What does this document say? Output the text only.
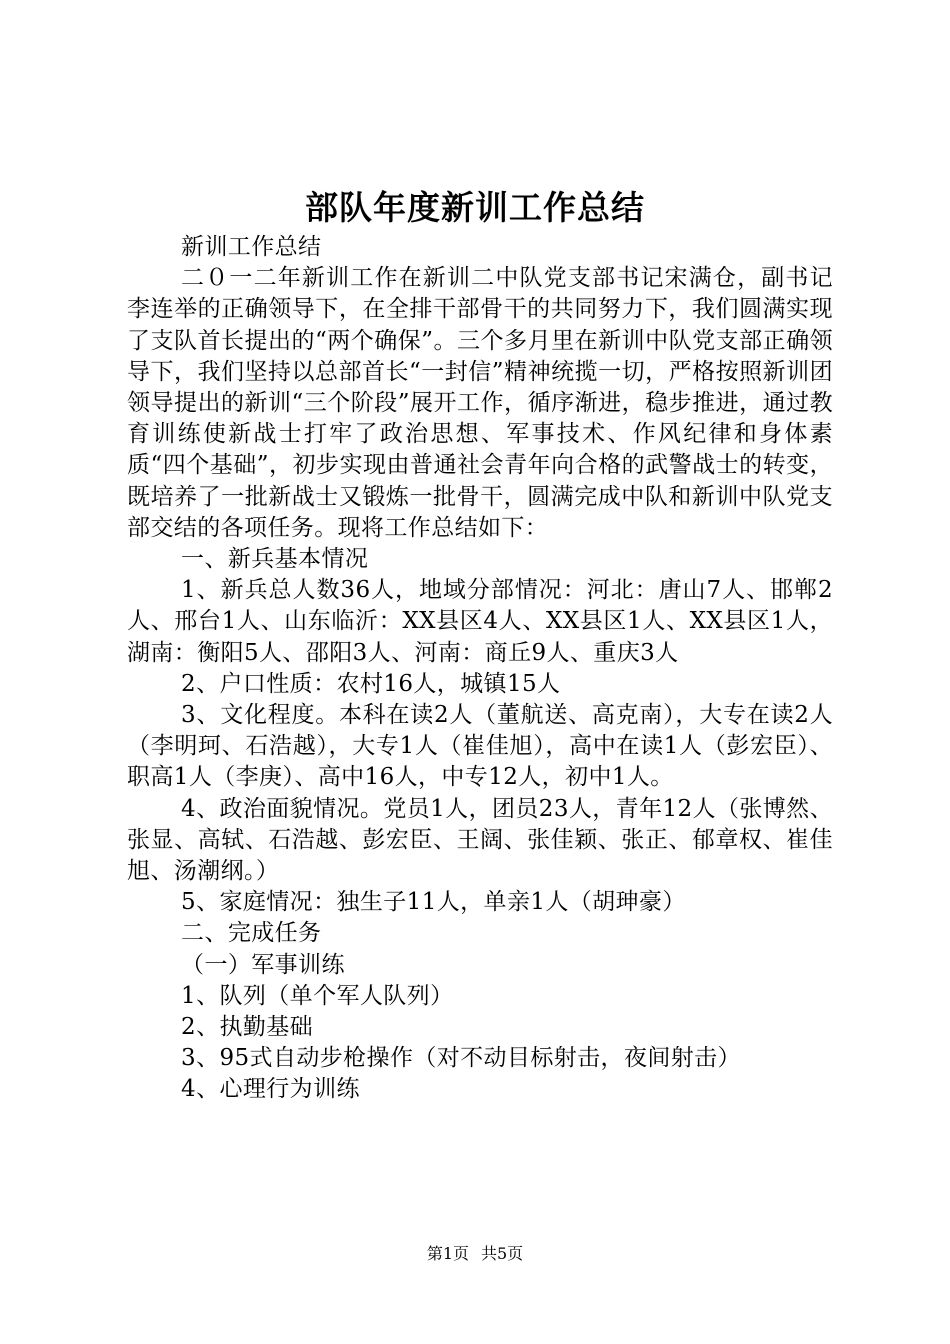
部队年度新训工作总结

新训工作总结

二０一二年新训工作在新训二中队党支部书记宋满仓，副书记李连举的正确领导下，在全排干部骨干的共同努力下，我们圆满实现了支队首长提出的“两个确保”。三个多月里在新训中队党支部正确领导下，我们坚持以总部首长“一封信”精神统揽一切，严格按照新训团领导提出的新训“三个阶段”展开工作，循序渐进，稳步推进，通过教育训练使新战士打牢了政治思想、军事技术、作风纪律和身体素质“四个基础”，初步实现由普通社会青年向合格的武警战士的转变，既培养了一批新战士又锻炼一批骨干，圆满完成中队和新训中队党支部交结的各项任务。现将工作总结如下：

一、新兵基本情况

1、新兵总人数36人，地域分部情况：河北：唐山7人、邯郸2人、邢台1人、山东临沂：XX县区4人、XX县区1人、XX县区1人，湖南：衡阳5人、邵阳3人、河南：商丘9人、重庆3人

2、户口性质：农村16人，城镇15人

3、文化程度。本科在读2人（董航送、高克南），大专在读2人（李明珂、石浩越），大专1人（崔佳旭），高中在读1人（彭宏臣）、职高1人（李庚）、高中16人，中专12人，初中1人。

4、政治面貌情况。党员1人，团员23人，青年12人（张博然、张显、高轼、石浩越、彭宏臣、王阔、张佳颖、张正、郁章权、崔佳旭、汤潮纲。）

5、家庭情况：独生子11人，单亲1人（胡珅豪）

二、完成任务

（一）军事训练

1、队列（单个军人队列）

2、执勤基础

3、95式自动步枪操作（对不动目标射击，夜间射击）

4、心理行为训练

第1页 共5页
